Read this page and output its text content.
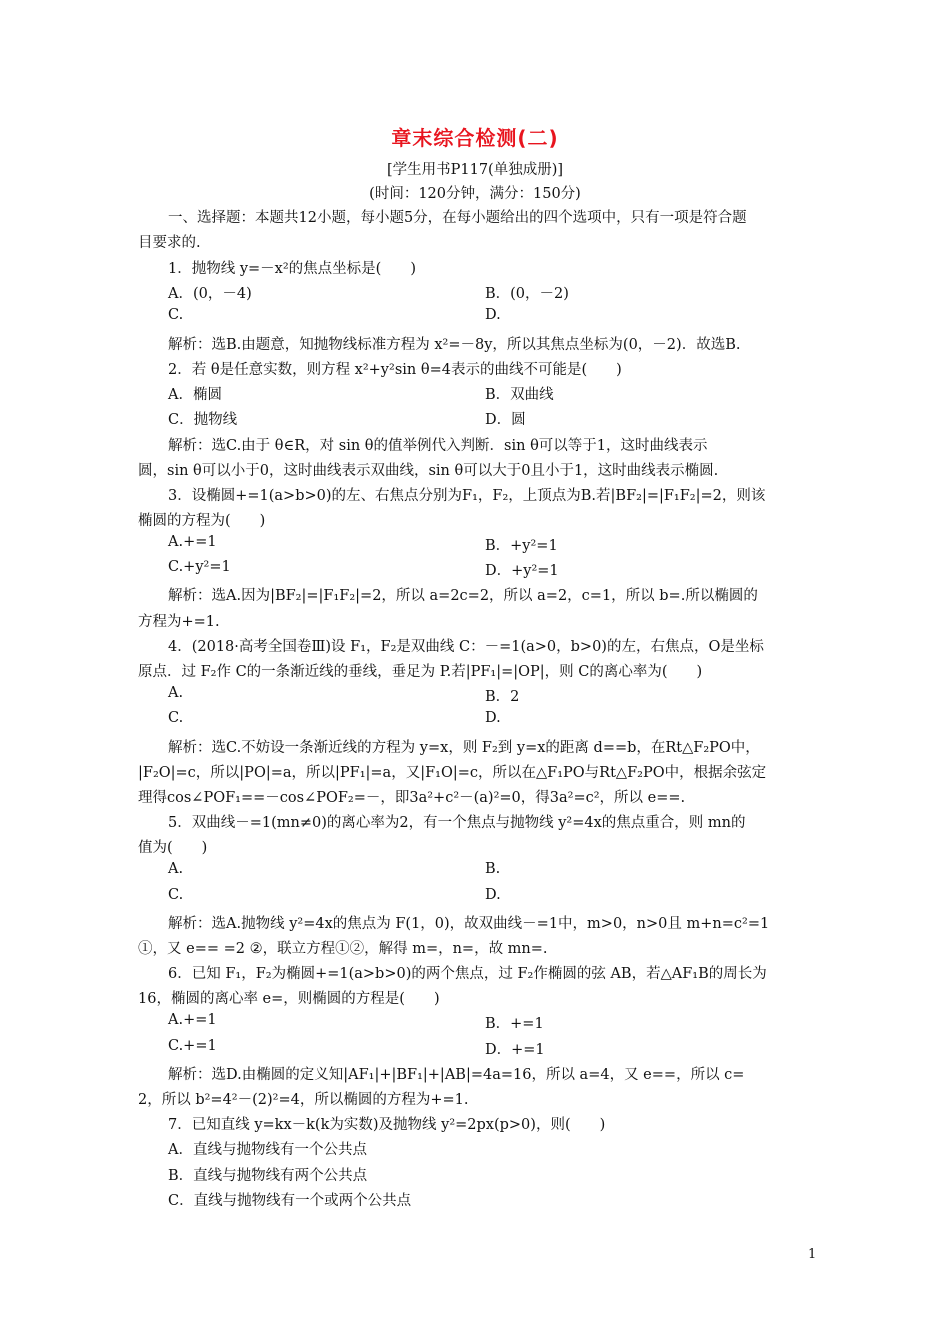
章末综合检测(二)
[学生用书P117(单独成册)]
(时间：120分钟，满分：150分)
一、选择题：本题共12小题，每小题5分，在每小题给出的四个选项中，只有一项是符合题
目要求的.
1．抛物线 y=－x²的焦点坐标是(　　)
A．(0，－4)	B．(0，－2)
C.	D.
解析：选B.由题意，知抛物线标准方程为 x²=－8y，所以其焦点坐标为(0，－2)．故选B.
2．若 θ是任意实数，则方程 x²+y²sin θ=4表示的曲线不可能是(　　)
A．椭圆	B．双曲线
C．抛物线	D．圆
解析：选C.由于 θ∈R，对 sin θ的值举例代入判断．sin θ可以等于1，这时曲线表示
圆，sin θ可以小于0，这时曲线表示双曲线，sin θ可以大于0且小于1，这时曲线表示椭圆.
3．设椭圆+=1(a>b>0)的左、右焦点分别为F₁，F₂，上顶点为B.若|BF₂|=|F₁F₂|=2，则该
椭圆的方程为(　　)
A.+=1	B．+y²=1
C.+y²=1	D．+y²=1
解析：选A.因为|BF₂|=|F₁F₂|=2，所以 a=2c=2，所以 a=2，c=1，所以 b=.所以椭圆的
方程为+=1.
4．(2018·高考全国卷Ⅲ)设 F₁，F₂是双曲线 C：－=1(a>0，b>0)的左，右焦点，O是坐标
原点．过 F₂作 C的一条渐近线的垂线，垂足为 P.若|PF₁|=|OP|，则 C的离心率为(　　)
A.	B．2
C.	D.
解析：选C.不妨设一条渐近线的方程为 y=x，则 F₂到 y=x的距离 d==b，在Rt△F₂PO中，
|F₂O|=c，所以|PO|=a，所以|PF₁|=a，又|F₁O|=c，所以在△F₁PO与Rt△F₂PO中，根据余弦定
理得cos∠POF₁==－cos∠POF₂=－，即3a²+c²－(a)²=0，得3a²=c²，所以 e==.
5．双曲线－=1(mn≠0)的离心率为2，有一个焦点与抛物线 y²=4x的焦点重合，则 mn的
值为(　　)
A.	B.
C.	D.
解析：选A.抛物线 y²=4x的焦点为 F(1，0)，故双曲线－=1中，m>0，n>0且 m+n=c²=1
①，又 e== =2 ②，联立方程①②，解得 m=，n=，故 mn=.
6．已知 F₁，F₂为椭圆+=1(a>b>0)的两个焦点，过 F₂作椭圆的弦 AB，若△AF₁B的周长为
16，椭圆的离心率 e=，则椭圆的方程是(　　)
A.+=1	B．+=1
C.+=1	D．+=1
解析：选D.由椭圆的定义知|AF₁|+|BF₁|+|AB|=4a=16，所以 a=4，又 e==，所以 c=
2，所以 b²=4²－(2)²=4，所以椭圆的方程为+=1.
7．已知直线 y=kx－k(k为实数)及抛物线 y²=2px(p>0)，则(　　)
A．直线与抛物线有一个公共点
B．直线与抛物线有两个公共点
C．直线与抛物线有一个或两个公共点
1
